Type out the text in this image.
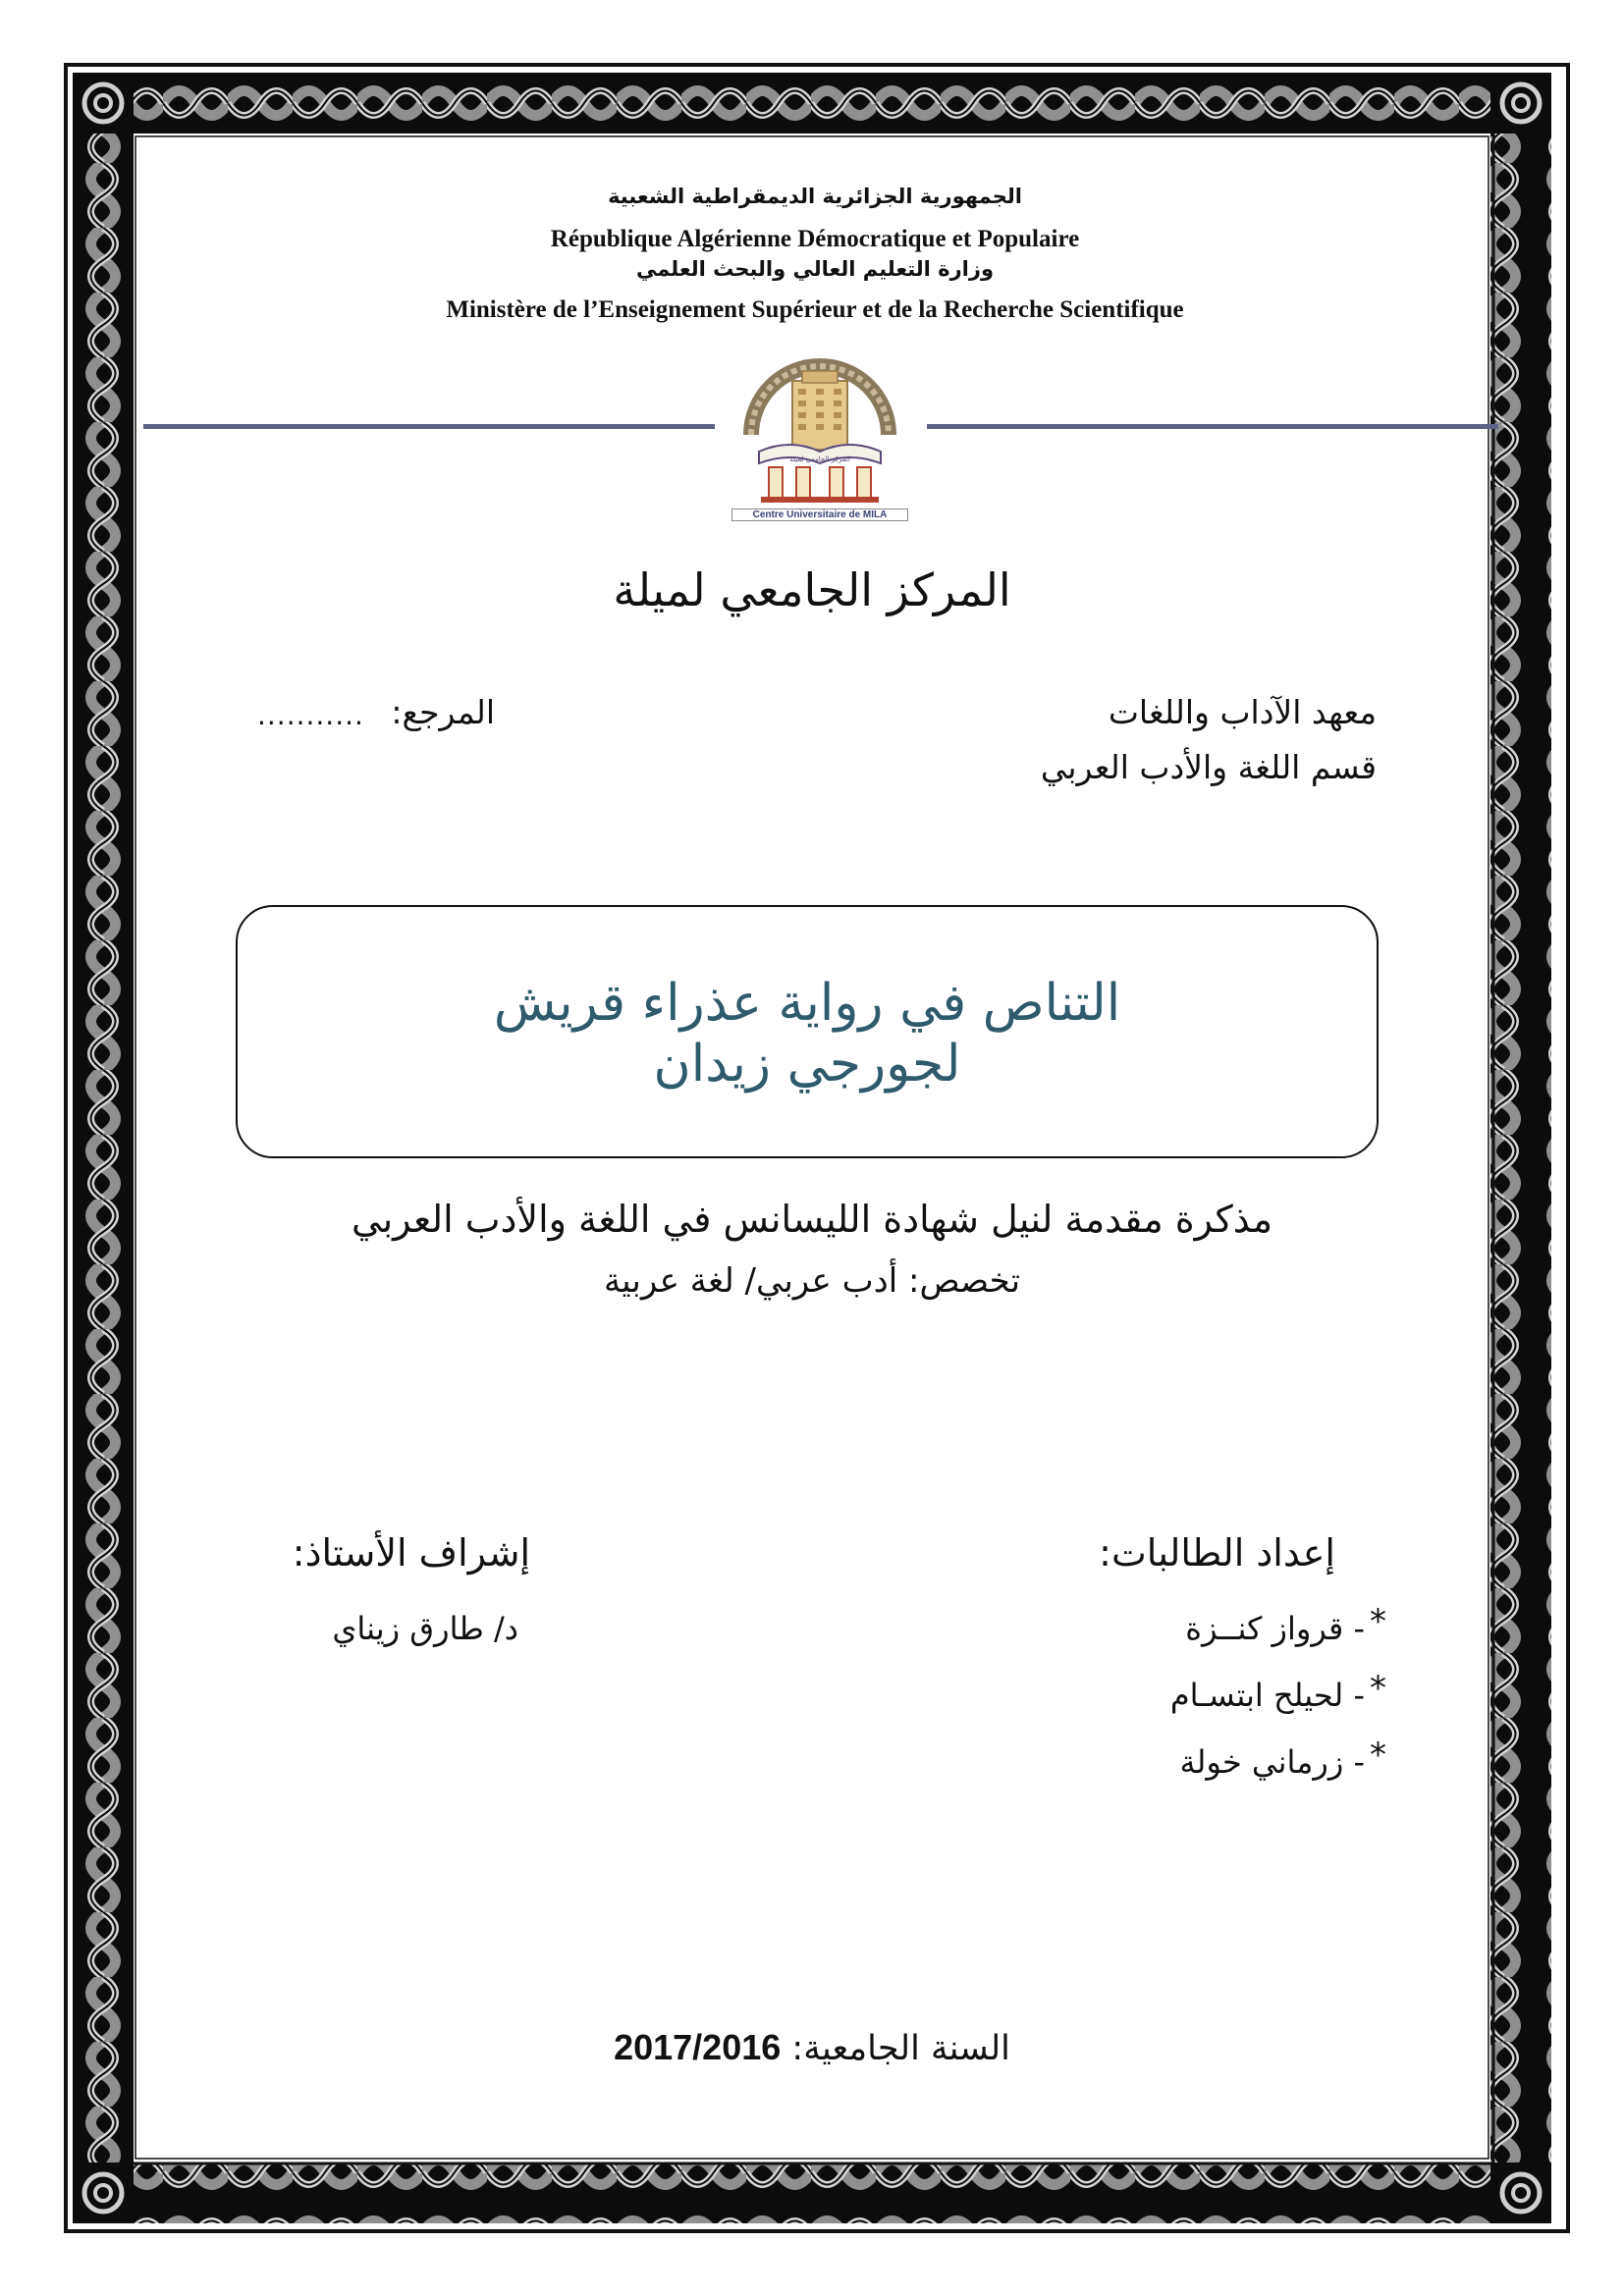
الجمهورية الجزائرية الديمقراطية الشعبية
République Algérienne Démocratique et Populaire
وزارة التعليم العالي والبحث العلمي
Ministère de l’Enseignement Supérieur et de la Recherche Scientifique
المركز الجامعي لميلة
Centre Universitaire de MILA
المركز الجامعي لميلة
معهد الآداب واللغات
قسم اللغة والأدب العربي
المرجع:
...........
التناص في رواية عذراء قريش
لجورجي زيدان
مذكرة مقدمة لنيل شهادة الليسانس في اللغة والأدب العربي
تخصص: أدب عربي/ لغة عربية
إعداد الطالبات:
*
- قرواز كنــزة
*
- لحيلح ابتسـام
*
- زرماني خولة
إشراف الأستاذ:
د/ طارق زيناي
السنة الجامعية: 2017/2016
